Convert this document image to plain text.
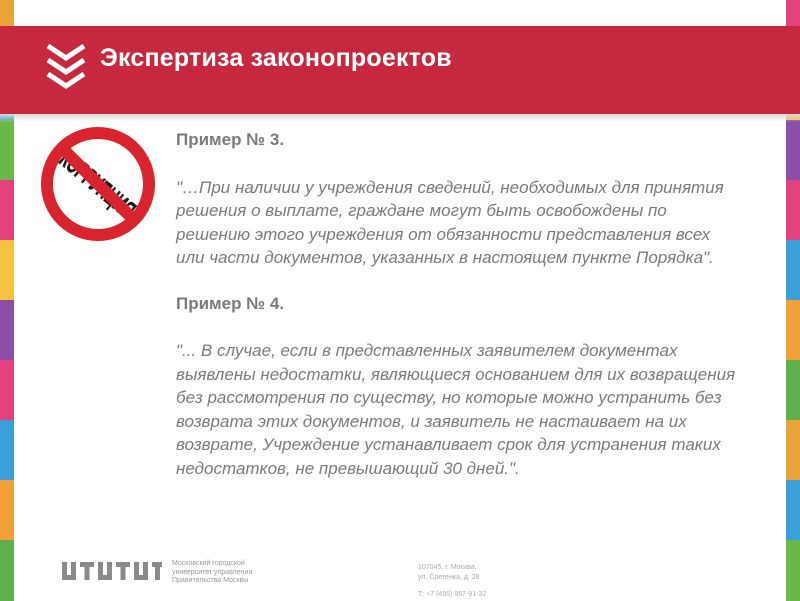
Экспертиза законопроектов
КОРРУПЦИЯ

Пример № 3.

"…При наличии у учреждения сведений, необходимых для принятия решения о выплате, граждане могут быть освобождены по решению этого учреждения от обязанности представления всех или части документов, указанных в настоящем пункте Порядка".

Пример № 4.

"... В случае, если в представленных заявителем документах выявлены недостатки, являющиеся основанием для их возвращения без рассмотрения по существу, но которые можно устранить без возврата этих документов, и заявитель не настаивает на их возврате, Учреждение устанавливает срок для устранения таких недостатков, не превышающий 30 дней.".

Московский городской
университет управления
Правительства Москвы
107045, г. Москва,
ул. Сретенка, д. 28
Т: +7 (495) 957-91-32
